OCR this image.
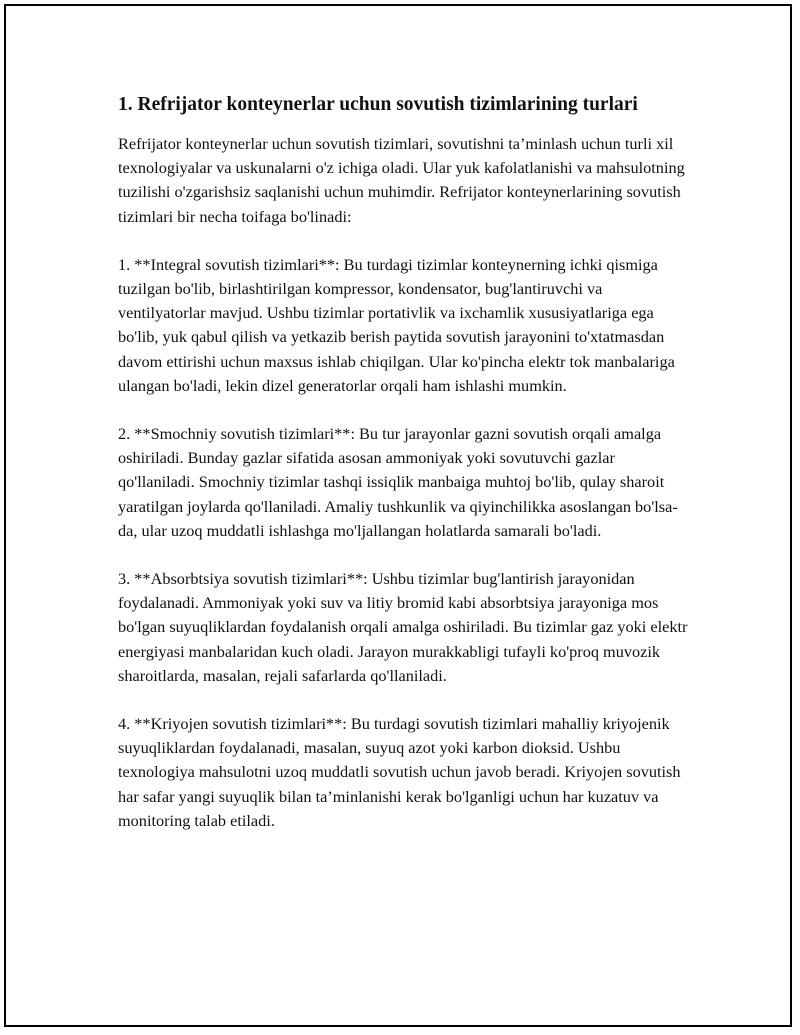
1. Refrijator konteynerlar uchun sovutish tizimlarining turlari

Refrijator konteynerlar uchun sovutish tizimlari, sovutishni ta’minlash uchun turli xil texnologiyalar va uskunalarni o'z ichiga oladi. Ular yuk kafolatlanishi va mahsulotning tuzilishi o'zgarishsiz saqlanishi uchun muhimdir. Refrijator konteynerlarining sovutish tizimlari bir necha toifaga bo'linadi:

1. **Integral sovutish tizimlari**: Bu turdagi tizimlar konteynerning ichki qismiga tuzilgan bo'lib, birlashtirilgan kompressor, kondensator, bug'lantiruvchi va ventilyatorlar mavjud. Ushbu tizimlar portativlik va ixchamlik xususiyatlariga ega bo'lib, yuk qabul qilish va yetkazib berish paytida sovutish jarayonini to'xtatmasdan davom ettirishi uchun maxsus ishlab chiqilgan. Ular ko'pincha elektr tok manbalariga ulangan bo'ladi, lekin dizel generatorlar orqali ham ishlashi mumkin.

2. **Smochniy sovutish tizimlari**: Bu tur jarayonlar gazni sovutish orqali amalga oshiriladi. Bunday gazlar sifatida asosan ammoniyak yoki sovutuvchi gazlar qo'llaniladi. Smochniy tizimlar tashqi issiqlik manbaiga muhtoj bo'lib, qulay sharoit yaratilgan joylarda qo'llaniladi. Amaliy tushkunlik va qiyinchilikka asoslangan bo'lsa-da, ular uzoq muddatli ishlashga mo'ljallangan holatlarda samarali bo'ladi.

3. **Absorbtsiya sovutish tizimlari**: Ushbu tizimlar bug'lantirish jarayonidan foydalanadi. Ammoniyak yoki suv va litiy bromid kabi absorbtsiya jarayoniga mos bo'lgan suyuqliklardan foydalanish orqali amalga oshiriladi. Bu tizimlar gaz yoki elektr energiyasi manbalaridan kuch oladi. Jarayon murakkabligi tufayli ko'proq muvozik sharoitlarda, masalan, rejali safarlarda qo'llaniladi.

4. **Kriyojen sovutish tizimlari**: Bu turdagi sovutish tizimlari mahalliy kriyojenik suyuqliklardan foydalanadi, masalan, suyuq azot yoki karbon dioksid. Ushbu texnologiya mahsulotni uzoq muddatli sovutish uchun javob beradi. Kriyojen sovutish har safar yangi suyuqlik bilan ta’minlanishi kerak bo'lganligi uchun har kuzatuv va monitoring talab etiladi.
